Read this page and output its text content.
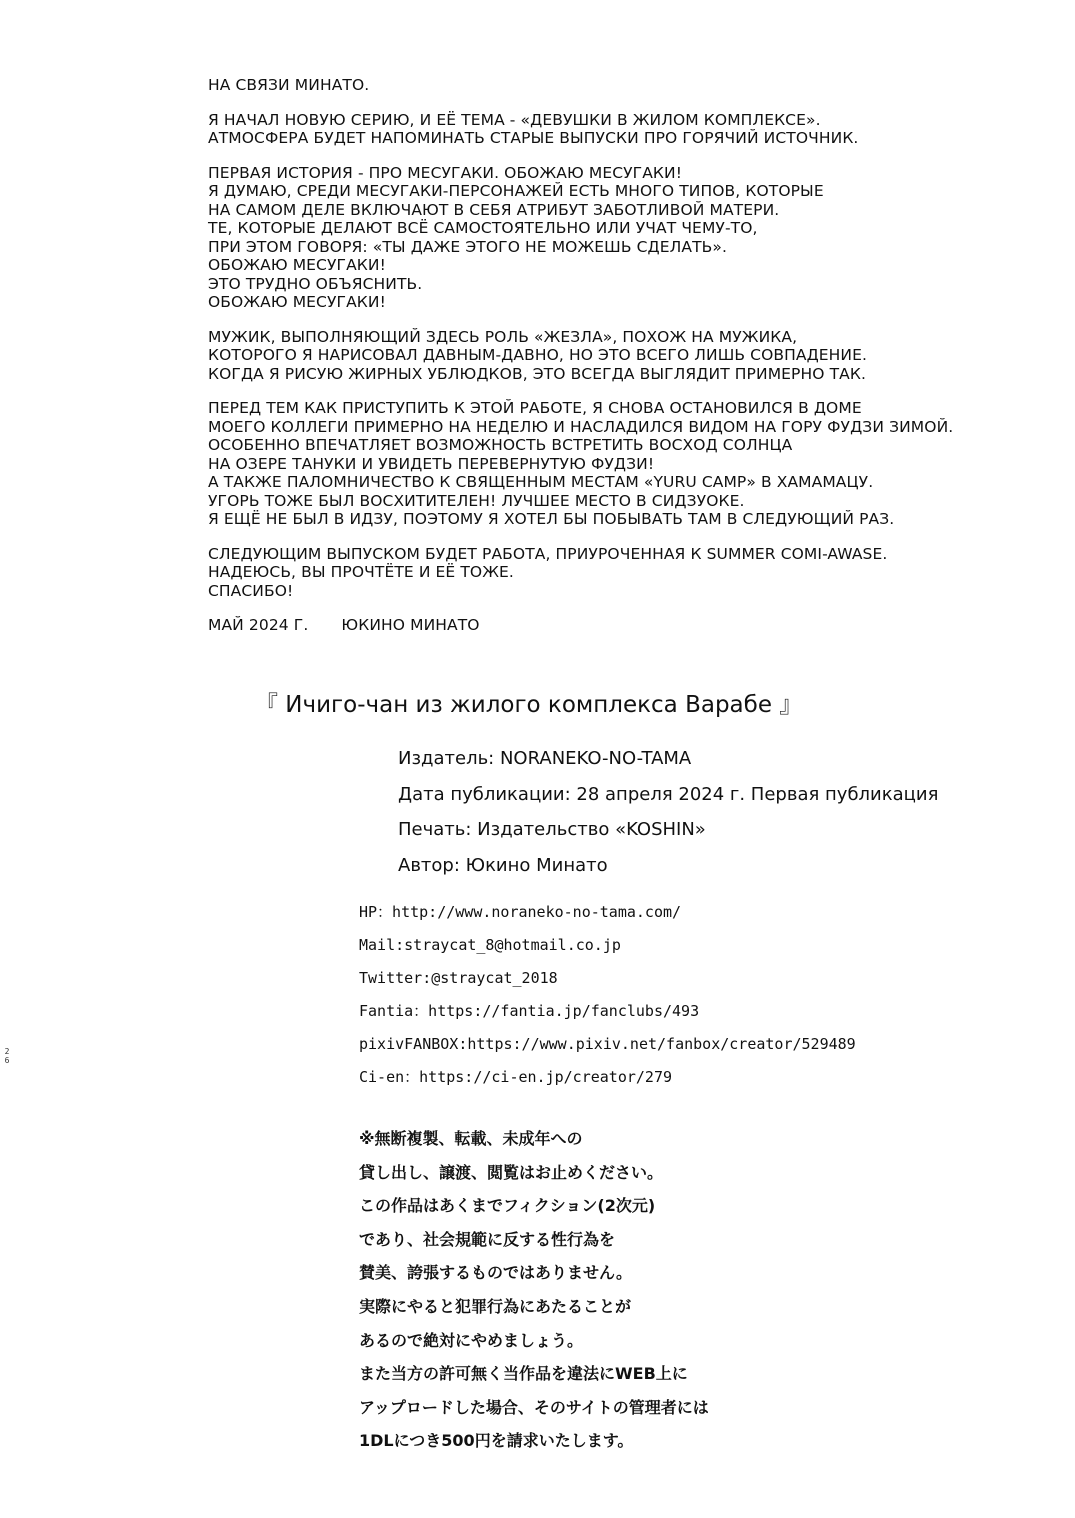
НА СВЯЗИ МИНАТО.

Я НАЧАЛ НОВУЮ СЕРИЮ, И ЕЁ ТЕМА - «ДЕВУШКИ В ЖИЛОМ КОМПЛЕКСЕ».
АТМОСФЕРА БУДЕТ НАПОМИНАТЬ СТАРЫЕ ВЫПУСКИ ПРО ГОРЯЧИЙ ИСТОЧНИК.

ПЕРВАЯ ИСТОРИЯ - ПРО МЕСУГАКИ. ОБОЖАЮ МЕСУГАКИ!
Я ДУМАЮ, СРЕДИ МЕСУГАКИ-ПЕРСОНАЖЕЙ ЕСТЬ МНОГО ТИПОВ, КОТОРЫЕ
НА САМОМ ДЕЛЕ ВКЛЮЧАЮТ В СЕБЯ АТРИБУТ ЗАБОТЛИВОЙ МАТЕРИ.
ТЕ, КОТОРЫЕ ДЕЛАЮТ ВСЁ САМОСТОЯТЕЛЬНО ИЛИ УЧАТ ЧЕМУ-ТО,
ПРИ ЭТОМ ГОВОРЯ: «ТЫ ДАЖЕ ЭТОГО НЕ МОЖЕШЬ СДЕЛАТЬ».
ОБОЖАЮ МЕСУГАКИ!
ЭТО ТРУДНО ОБЪЯСНИТЬ.
ОБОЖАЮ МЕСУГАКИ!

МУЖИК, ВЫПОЛНЯЮЩИЙ ЗДЕСЬ РОЛЬ «ЖЕЗЛА», ПОХОЖ НА МУЖИКА,
КОТОРОГО Я НАРИСОВАЛ ДАВНЫМ-ДАВНО, НО ЭТО ВСЕГО ЛИШЬ СОВПАДЕНИЕ.
КОГДА Я РИСУЮ ЖИРНЫХ УБЛЮДКОВ, ЭТО ВСЕГДА ВЫГЛЯДИТ ПРИМЕРНО ТАК.

ПЕРЕД ТЕМ КАК ПРИСТУПИТЬ К ЭТОЙ РАБОТЕ, Я СНОВА ОСТАНОВИЛСЯ В ДОМЕ
МОЕГО КОЛЛЕГИ ПРИМЕРНО НА НЕДЕЛЮ И НАСЛАДИЛСЯ ВИДОМ НА ГОРУ ФУДЗИ ЗИМОЙ.
ОСОБЕННО ВПЕЧАТЛЯЕТ ВОЗМОЖНОСТЬ ВСТРЕТИТЬ ВОСХОД СОЛНЦА
НА ОЗЕРЕ ТАНУКИ И УВИДЕТЬ ПЕРЕВЕРНУТУЮ ФУДЗИ!
А ТАКЖЕ ПАЛОМНИЧЕСТВО К СВЯЩЕННЫМ МЕСТАМ «YURU CAMP» В ХАМАМАЦУ.
УГОРЬ ТОЖЕ БЫЛ ВОСХИТИТЕЛЕН! ЛУЧШЕЕ МЕСТО В СИДЗУОКЕ.
Я ЕЩЁ НЕ БЫЛ В ИДЗУ, ПОЭТОМУ Я ХОТЕЛ БЫ ПОБЫВАТЬ ТАМ В СЛЕДУЮЩИЙ РАЗ.

СЛЕДУЮЩИМ ВЫПУСКОМ БУДЕТ РАБОТА, ПРИУРОЧЕННАЯ К SUMMER COMI-AWASE.
НАДЕЮСЬ, ВЫ ПРОЧТЁТЕ И ЕЁ ТОЖЕ.
СПАСИБО!

МАЙ 2024 Г. ЮКИНО МИНАТО
『 Ичиго-чан из жилого комплекса Варабе 』
Издатель: NORANEKO-NO-TAMA
Дата публикации: 28 апреля 2024 г. Первая публикация
Печать: Издательство «KOSHIN»
Автор: Юкино Минато
HP：http://www.noraneko-no-tama.com/
Mail:straycat_8@hotmail.co.jp
Twitter:@straycat_2018
Fantia：https://fantia.jp/fanclubs/493
pixivFANBOX:https://www.pixiv.net/fanbox/creator/529489
Ci-en：https://ci-en.jp/creator/279
※無断複製、転載、未成年への
貸し出し、譲渡、閲覧はお止めください。
この作品はあくまでフィクション(2次元)
であり、社会規範に反する性行為を
賛美、誇張するものではありません。
実際にやると犯罪行為にあたることが
あるので絶対にやめましょう。
また当方の許可無く当作品を違法にWEB上に
アップロードした場合、そのサイトの管理者には
1DLにつき500円を請求いたします。
2
6
